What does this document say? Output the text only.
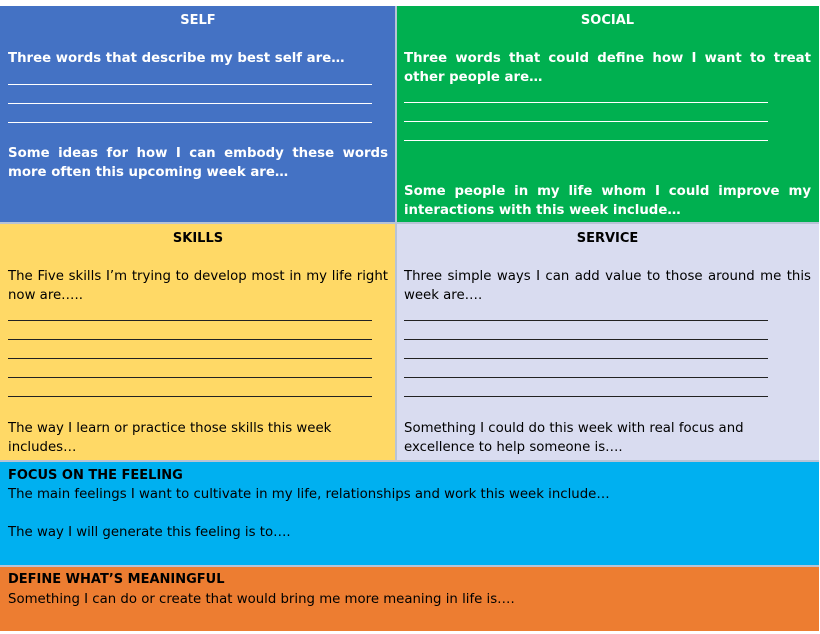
SELF
Three words that describe my best self are…
Some ideas for how I can embody these words more often this upcoming week are…
SOCIAL
Three words that could define how I want to treat other people are…
Some people in my life whom I could improve my interactions with this week include…
SKILLS
The Five skills I’m trying to develop most in my life right now are…..
The way I learn or practice those skills this week includes…
SERVICE
Three simple ways I can add value to those around me this week are….
Something I could do this week with real focus and excellence to help someone is….
FOCUS ON THE FEELING
The main feelings I want to cultivate in my life, relationships and work this week include…
The way I will generate this feeling is to….
DEFINE WHAT’S MEANINGFUL
Something I can do or create that would bring me more meaning in life is….
